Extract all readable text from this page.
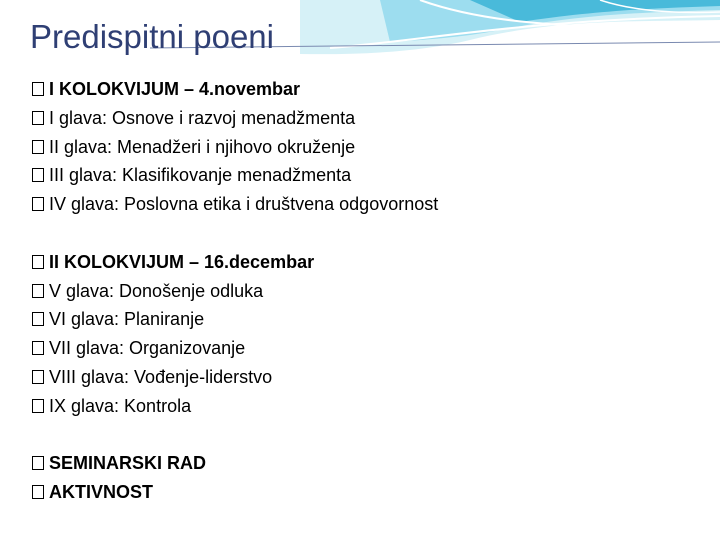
Predispitni poeni
I KOLOKVIJUM – 4.novembar
I glava: Osnove i razvoj menadžmenta
II glava: Menadžeri i njihovo okruženje
III glava: Klasifikovanje menadžmenta
IV glava: Poslovna etika i društvena odgovornost
II KOLOKVIJUM – 16.decembar
V glava: Donošenje odluka
VI glava: Planiranje
VII glava: Organizovanje
VIII glava: Vođenje-liderstvo
IX glava: Kontrola
SEMINARSKI RAD
AKTIVNOST
